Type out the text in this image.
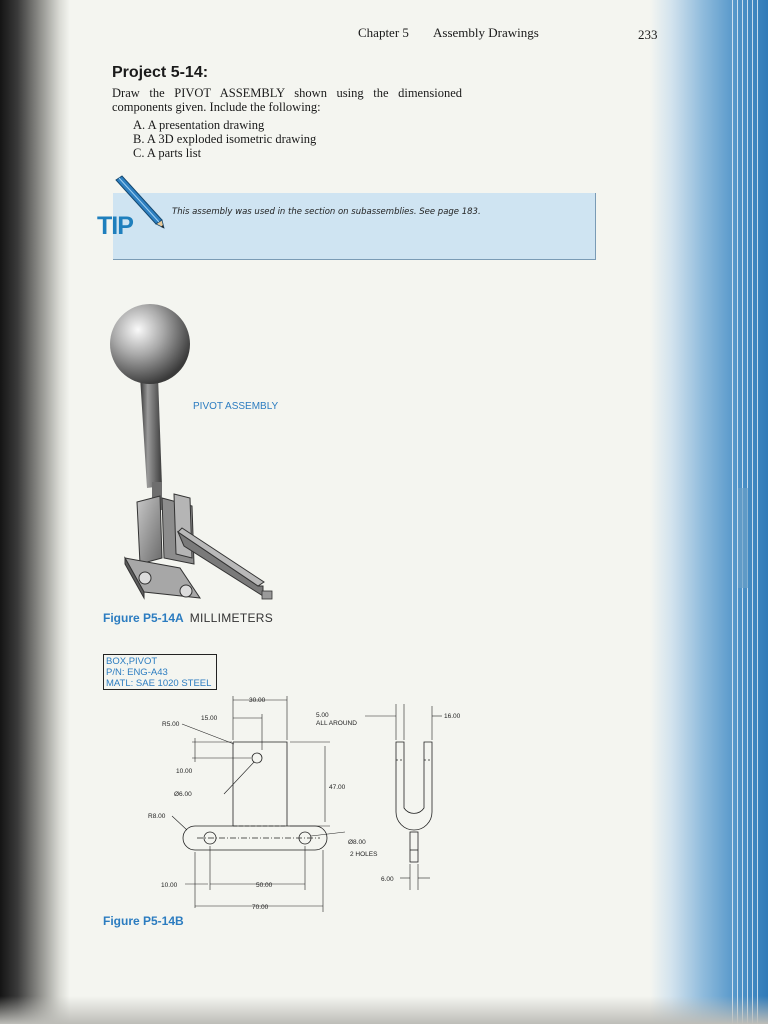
Chapter 5 Assembly Drawings	233
Project 5-14:
Draw the PIVOT ASSEMBLY shown using the dimensioned
components given. Include the following:
A. A presentation drawing
B. A 3D exploded isometric drawing
C. A parts list
TIP	This assembly was used in the section on subassemblies. See page 183.
PIVOT ASSEMBLY
Figure P5-14A MILLIMETERS
BOX,PIVOT
P/N: ENG-A43
MATL: SAE 1020 STEEL
30.00
15.00
R5.00
10.00
Ø6.00
R8.00
47.00
Ø8.00
2 HOLES
10.00	50.00
70.00
5.00
ALL AROUND
16.00
6.00
Figure P5-14B
